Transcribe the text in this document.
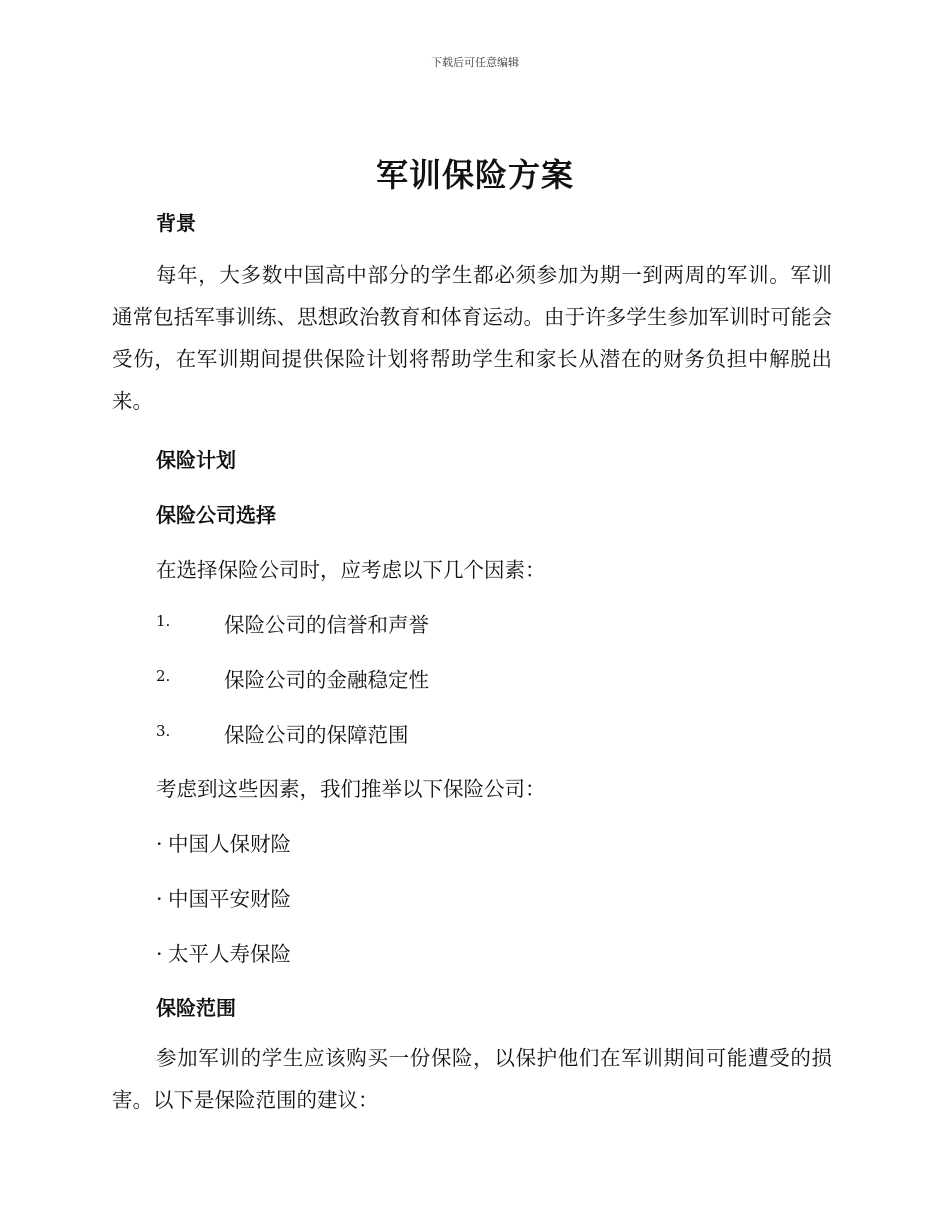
下载后可任意编辑
军训保险方案
背景
每年，大多数中国高中部分的学生都必须参加为期一到两周的军训。军训通常包括军事训练、思想政治教育和体育运动。由于许多学生参加军训时可能会受伤，在军训期间提供保险计划将帮助学生和家长从潜在的财务负担中解脱出来。
保险计划
保险公司选择
在选择保险公司时，应考虑以下几个因素：
1.	保险公司的信誉和声誉
2.	保险公司的金融稳定性
3.	保险公司的保障范围
考虑到这些因素，我们推举以下保险公司：
· 中国人保财险
· 中国平安财险
· 太平人寿保险
保险范围
参加军训的学生应该购买一份保险，以保护他们在军训期间可能遭受的损害。以下是保险范围的建议：
